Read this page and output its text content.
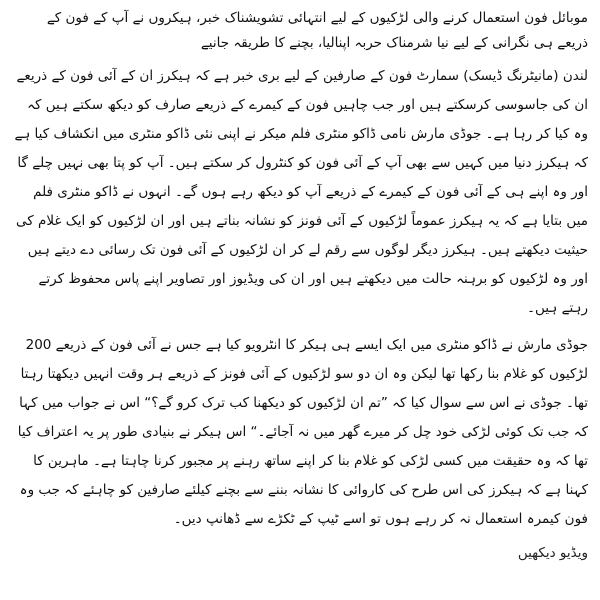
موبائل فون استعمال کرنے والی لڑکیوں کے لیے انتہائی تشویشناک خبر، ہیکروں نے آپ کے فون کے ذریعے ہی نگرانی کے لیے نیا شرمناک حربہ اپنالیا، بچنے کا طریقہ جانیے

لندن (مانیٹرنگ ڈیسک) سمارٹ فون کے صارفین کے لیے بری خبر ہے کہ ہیکرز ان کے آئی فون کے ذریعے ان کی جاسوسی کرسکتے ہیں اور جب چاہیں فون کے کیمرے کے ذریعے صارف کو دیکھ سکتے ہیں کہ وہ کیا کر رہا ہے۔ جوڈی مارش نامی ڈاکو منٹری فلم میکر نے اپنی نئی ڈاکو منٹری میں انکشاف کیا ہے کہ ہیکرز دنیا میں کہیں سے بھی آپ کے آئی فون کو کنٹرول کر سکتے ہیں۔ آپ کو پتا بھی نہیں چلے گا اور وہ اپنے ہی کے آئی فون کے کیمرے کے ذریعے آپ کو دیکھ رہے ہوں گے۔ انہوں نے ڈاکو منٹری فلم میں بتایا ہے کہ یہ ہیکرز عموماً لڑکیوں کے آئی فونز کو نشانہ بناتے ہیں اور ان لڑکیوں کو ایک غلام کی حیثیت دیکھتے ہیں۔ ہیکرز دیگر لوگوں سے رقم لے کر ان لڑکیوں کے آئی فون تک رسائی دے دیتے ہیں اور وہ لڑکیوں کو برہنہ حالت میں دیکھتے ہیں اور ان کی ویڈیوز اور تصاویر اپنے پاس محفوظ کرتے رہتے ہیں۔

جوڈی مارش نے ڈاکو منٹری میں ایک ایسے ہی ہیکر کا انٹرویو کیا ہے جس نے آئی فون کے ذریعے 200 لڑکیوں کو غلام بنا رکھا تھا لیکن وہ ان دو سو لڑکیوں کے آئی فونز کے ذریعے ہر وقت انہیں دیکھتا رہتا تھا۔ جوڈی نے اس سے سوال کیا کہ ”تم ان لڑکیوں کو دیکھنا کب ترک کرو گے؟“ اس نے جواب میں کہا کہ جب تک کوئی لڑکی خود چل کر میرے گھر میں نہ آجائے۔“ اس ہیکر نے بنیادی طور پر یہ اعتراف کیا تھا کہ وہ حقیقت میں کسی لڑکی کو غلام بنا کر اپنے ساتھ رہنے پر مجبور کرنا چاہتا ہے۔ ماہرین کا کہنا ہے کہ ہیکرز کی اس طرح کی کاروائی کا نشانہ بننے سے بچنے کیلئے صارفین کو چاہئے کہ جب وہ فون کیمرہ استعمال نہ کر رہے ہوں تو اسے ٹیپ کے ٹکڑے سے ڈھانپ دیں۔

ویڈیو دیکھیں
